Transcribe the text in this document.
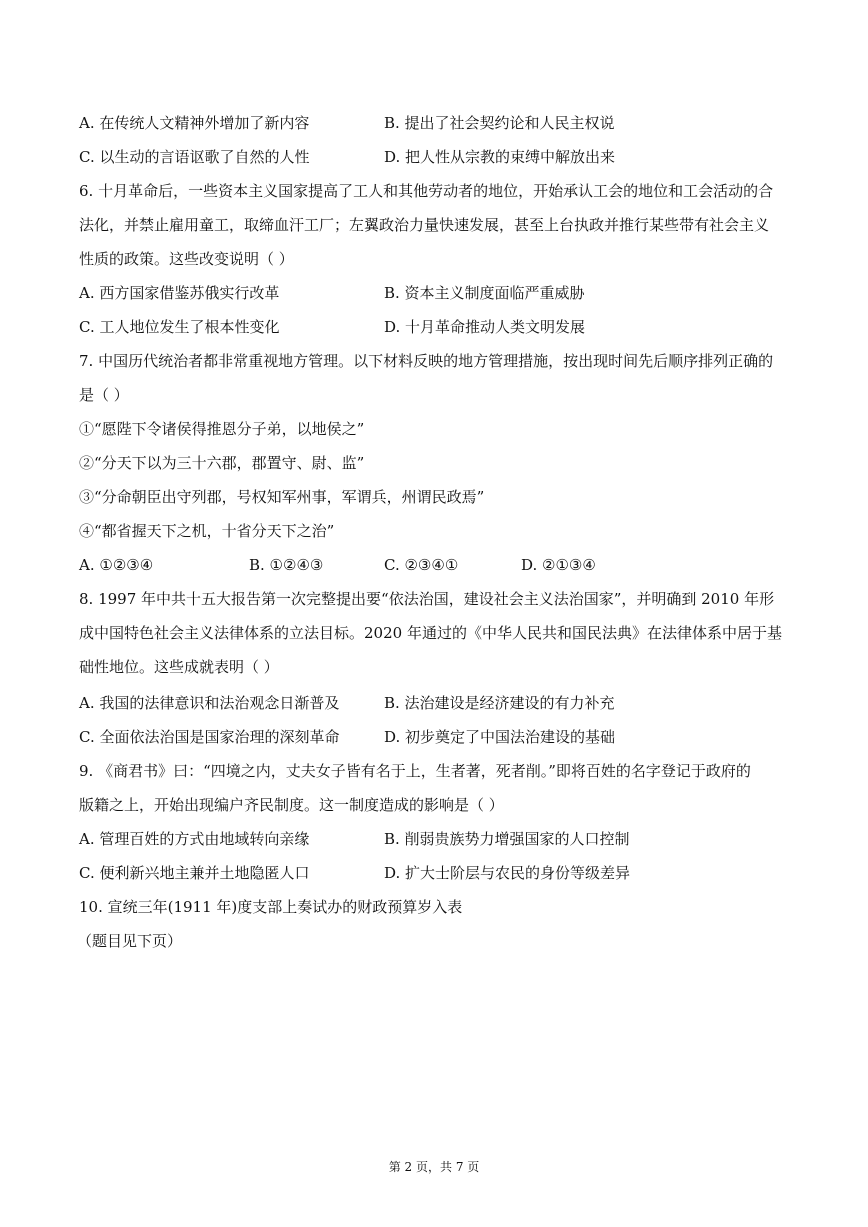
A. 在传统人文精神外增加了新内容	B. 提出了社会契约论和人民主权说
C. 以生动的言语讴歌了自然的人性	D. 把人性从宗教的束缚中解放出来
6. 十月革命后，一些资本主义国家提高了工人和其他劳动者的地位，开始承认工会的地位和工会活动的合
法化，并禁止雇用童工，取缔血汗工厂；左翼政治力量快速发展，甚至上台执政并推行某些带有社会主义
性质的政策。这些改变说明（ ）
A. 西方国家借鉴苏俄实行改革	B. 资本主义制度面临严重威胁
C. 工人地位发生了根本性变化	D. 十月革命推动人类文明发展
7. 中国历代统治者都非常重视地方管理。以下材料反映的地方管理措施，按出现时间先后顺序排列正确的
是（ ）
①“愿陛下令诸侯得推恩分子弟，以地侯之”
②“分天下以为三十六郡，郡置守、尉、监”
③“分命朝臣出守列郡，号权知军州事，军谓兵，州谓民政焉”
④“都省握天下之机，十省分天下之治”
A. ①②③④	B. ①②④③	C. ②③④①	D. ②①③④
8. 1997 年中共十五大报告第一次完整提出要“依法治国，建设社会主义法治国家”，并明确到 2010 年形
成中国特色社会主义法律体系的立法目标。2020 年通过的《中华人民共和国民法典》在法律体系中居于基
础性地位。这些成就表明（ ）
A. 我国的法律意识和法治观念日渐普及	B. 法治建设是经济建设的有力补充
C. 全面依法治国是国家治理的深刻革命	D. 初步奠定了中国法治建设的基础
9. 《商君书》曰：“四境之内，丈夫女子皆有名于上，生者著，死者削。”即将百姓的名字登记于政府的
版籍之上，开始出现编户齐民制度。这一制度造成的影响是（ ）
A. 管理百姓的方式由地域转向亲缘	B. 削弱贵族势力增强国家的人口控制
C. 便利新兴地主兼并土地隐匿人口	D. 扩大士阶层与农民的身份等级差异
10. 宣统三年(1911 年)度支部上奏试办的财政预算岁入表
（题目见下页）
第 2 页，共 7 页
